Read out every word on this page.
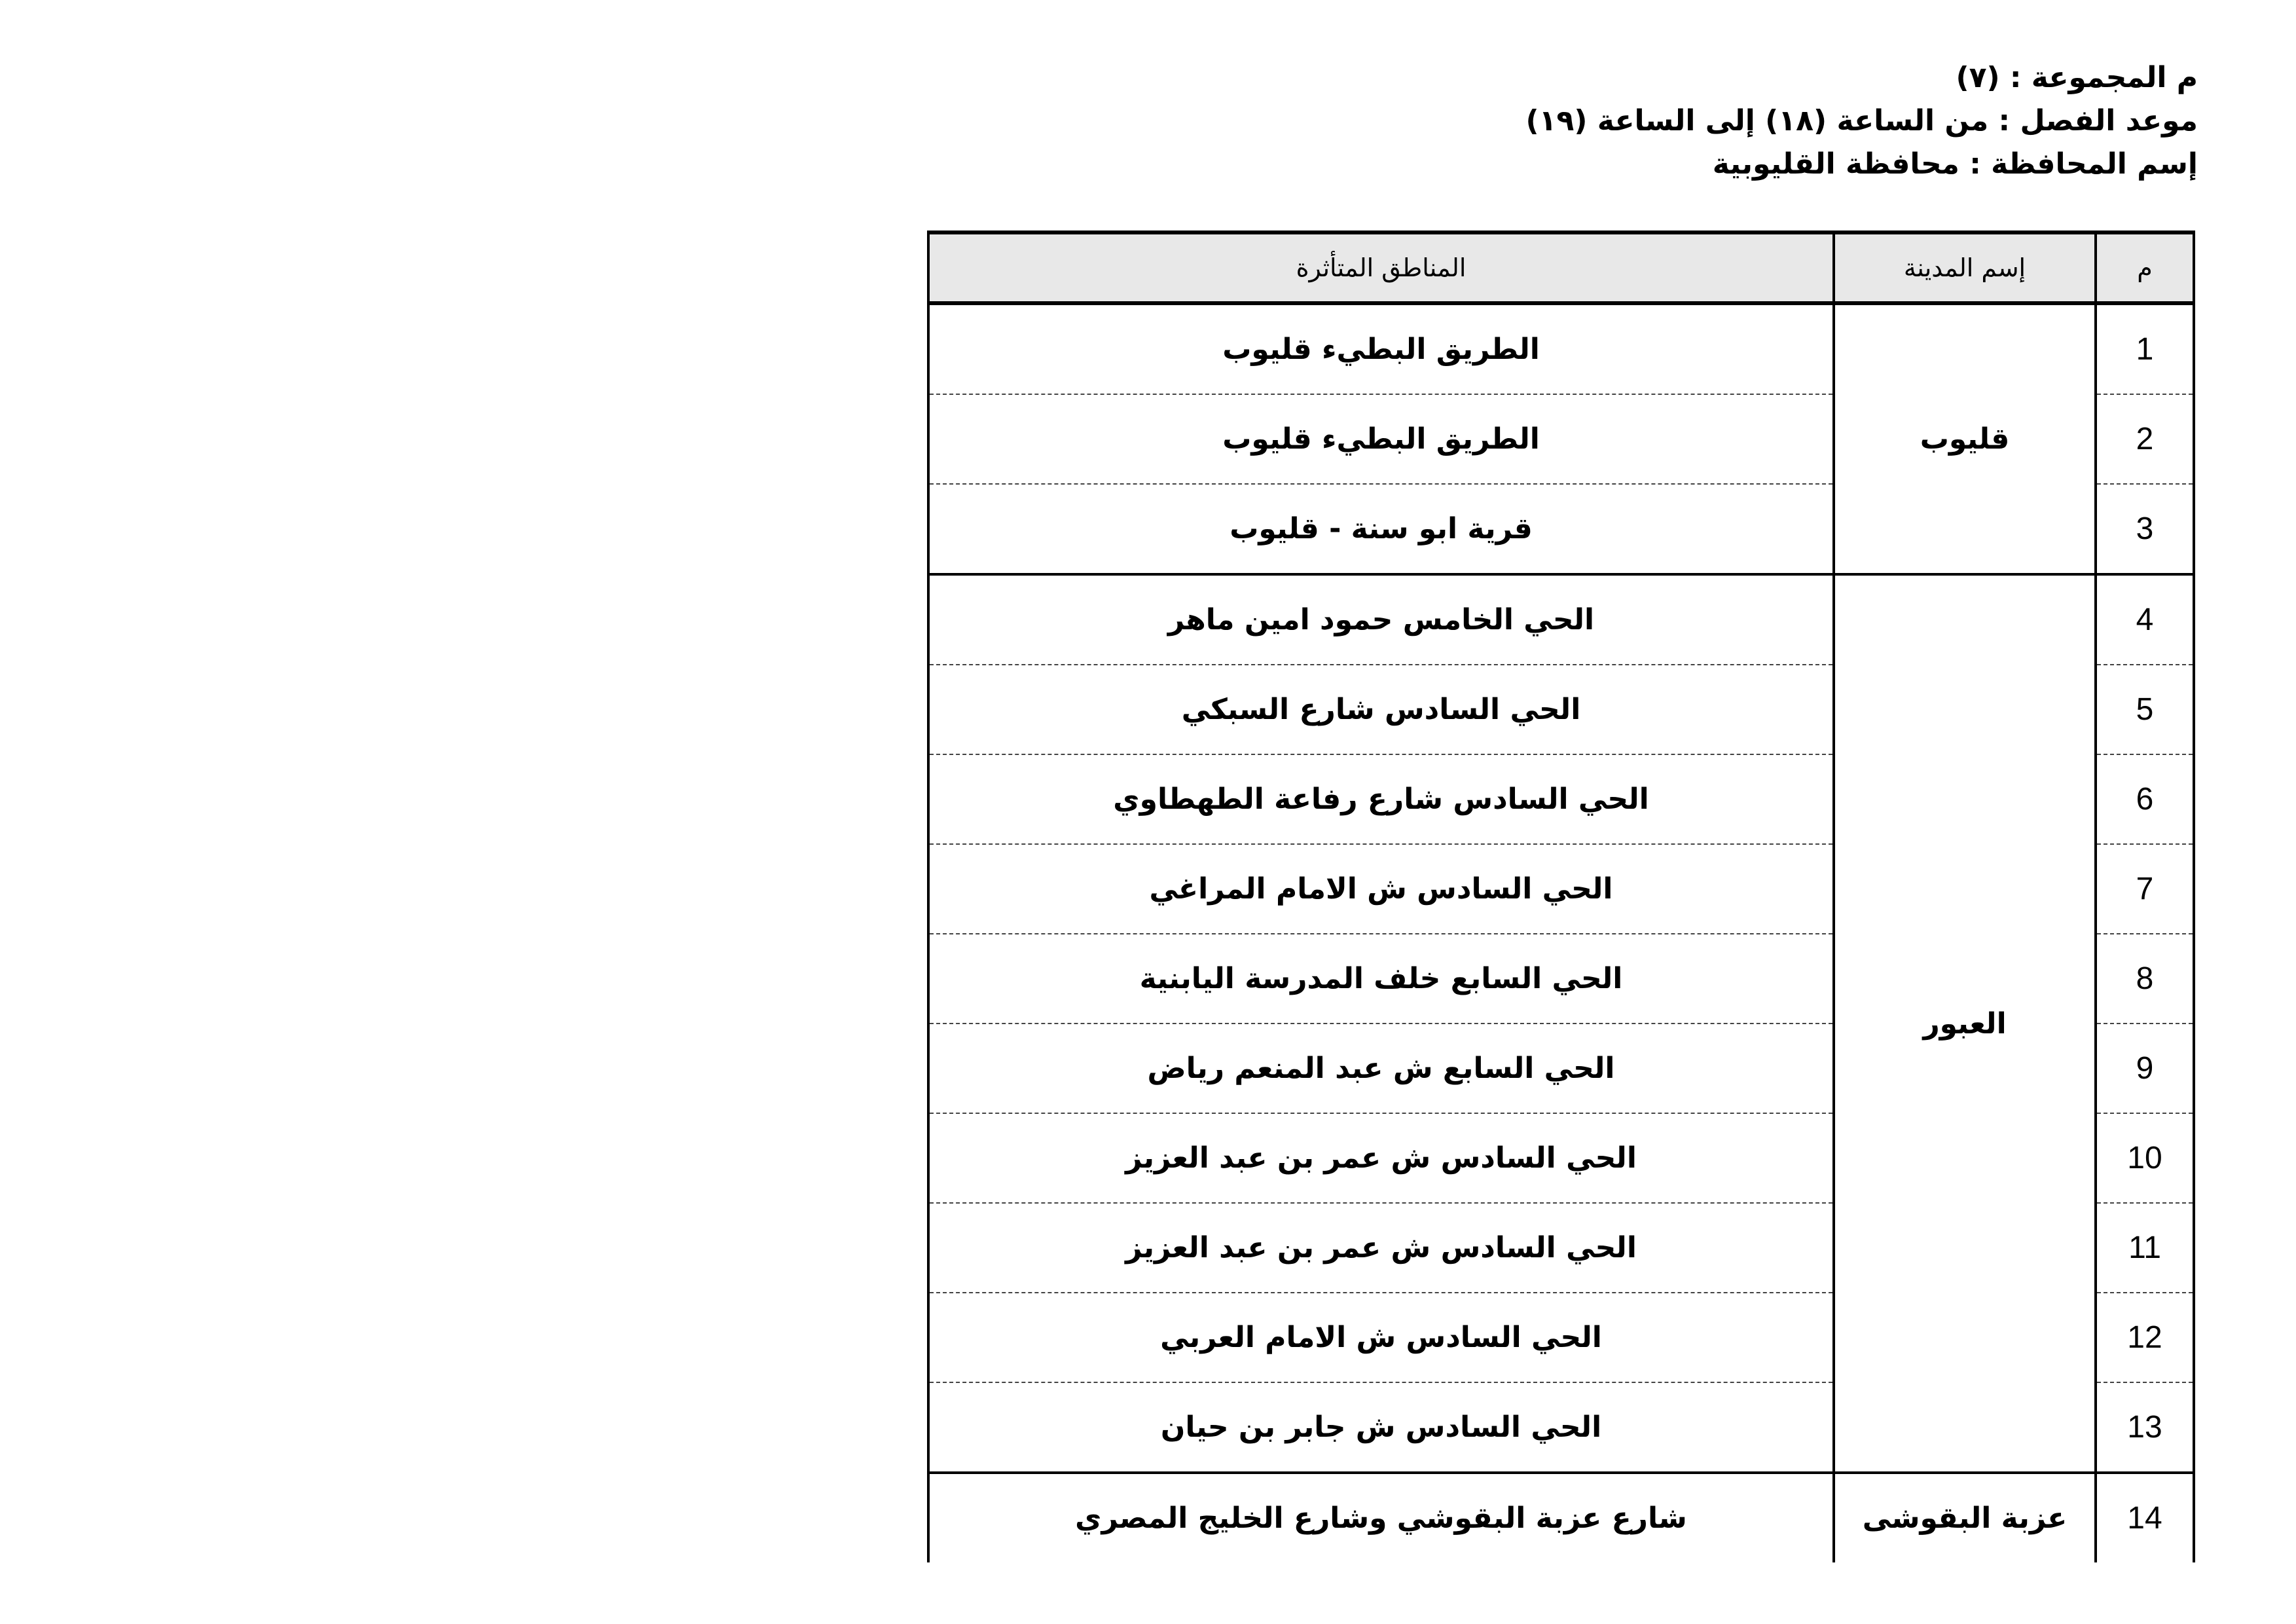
م المجموعة : (٧)
موعد الفصل : من الساعة (١٨) إلى الساعة (١٩)
إسم المحافظة : محافظة القليوبية
م	إسم المدينة	المناطق المتأثرة
1	قليوب	الطريق البطيء قليوب
2		الطريق البطيء قليوب
3		قرية ابو سنة - قليوب
4	العبور	الحي الخامس حمود امين ماهر
5		الحي السادس شارع السبكي
6		الحي السادس شارع رفاعة الطهطاوي
7		الحي السادس ش الامام المراغي
8		الحي السابع خلف المدرسة اليابنية
9		الحي السابع ش عبد المنعم رياض
10		الحي السادس ش عمر بن عبد العزيز
11		الحي السادس ش عمر بن عبد العزيز
12		الحي السادس ش الامام العربي
13		الحي السادس ش جابر بن حيان
14	عزبة البقوشى	شارع عزبة البقوشي وشارع الخليج المصري
